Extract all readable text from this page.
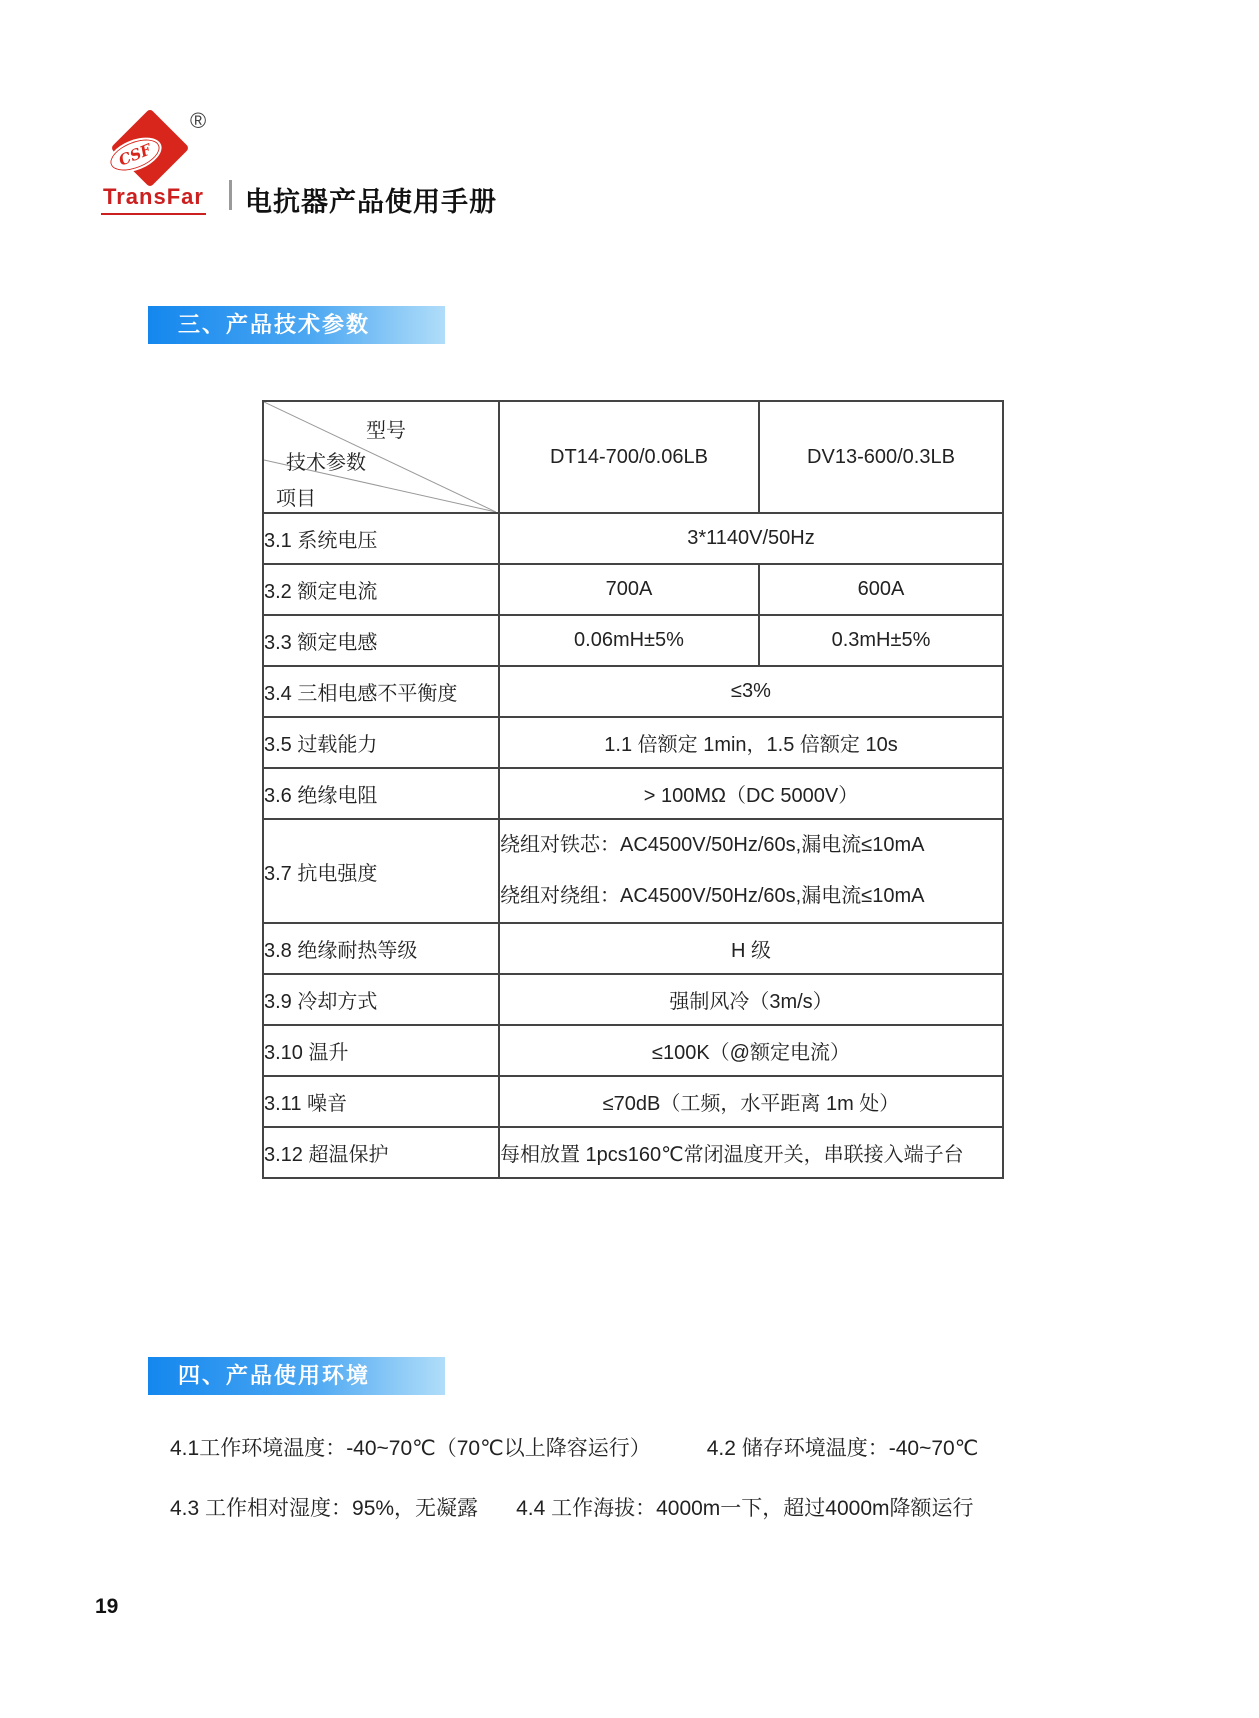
CSF
®
TransFar 电抗器产品使用手册
三、产品技术参数
型号
技术参数
项目	DT14-700/0.06LB	DV13-600/0.3LB
3.1 系统电压	3*1140V/50Hz	
3.2 额定电流	700A	600A
3.3 额定电感	0.06mH±5%	0.3mH±5%
3.4 三相电感不平衡度	≤3%	
3.5 过载能力	1.1 倍额定 1min，1.5 倍额定 10s	
3.6 绝缘电阻	> 100MΩ（DC 5000V）	
3.7 抗电强度	绕组对铁芯：AC4500V/50Hz/60s,漏电流≤10mA
绕组对绕组：AC4500V/50Hz/60s,漏电流≤10mA	

3.8 绝缘耐热等级	H 级	
3.9 冷却方式	强制风冷（3m/s）	
3.10 温升	≤100K（@额定电流）	
3.11 噪音	≤70dB（工频，水平距离 1m 处）	
3.12 超温保护	每相放置 1pcs160℃常闭温度开关，串联接入端子台	
四、产品使用环境
4.1工作环境温度：-40~70℃（70℃以上降容运行）	4.2 储存环境温度：-40~70℃
4.3 工作相对湿度：95%，无凝露 4.4 工作海拔：4000m一下，超过4000m降额运行
19
